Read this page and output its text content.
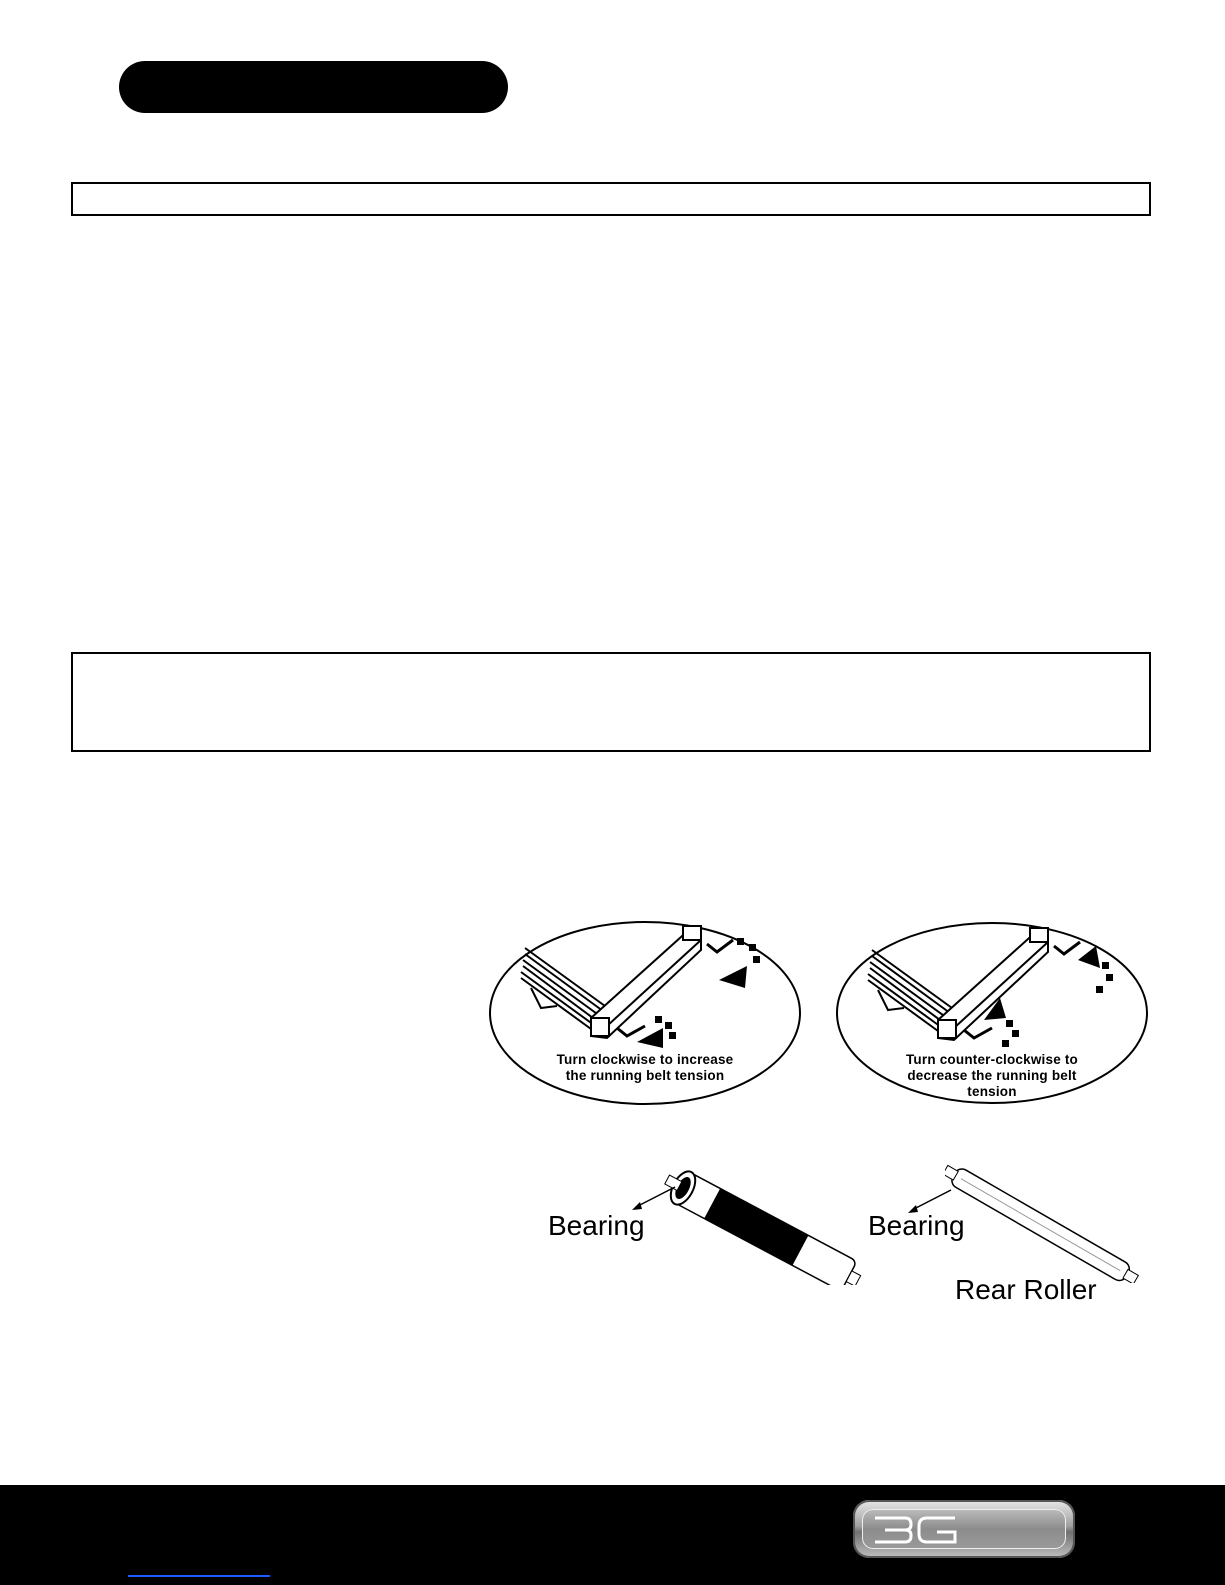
Turn clockwise to increase the running belt tension
Turn counter-clockwise to decrease the running belt tension
Bearing	Bearing
Rear Roller
